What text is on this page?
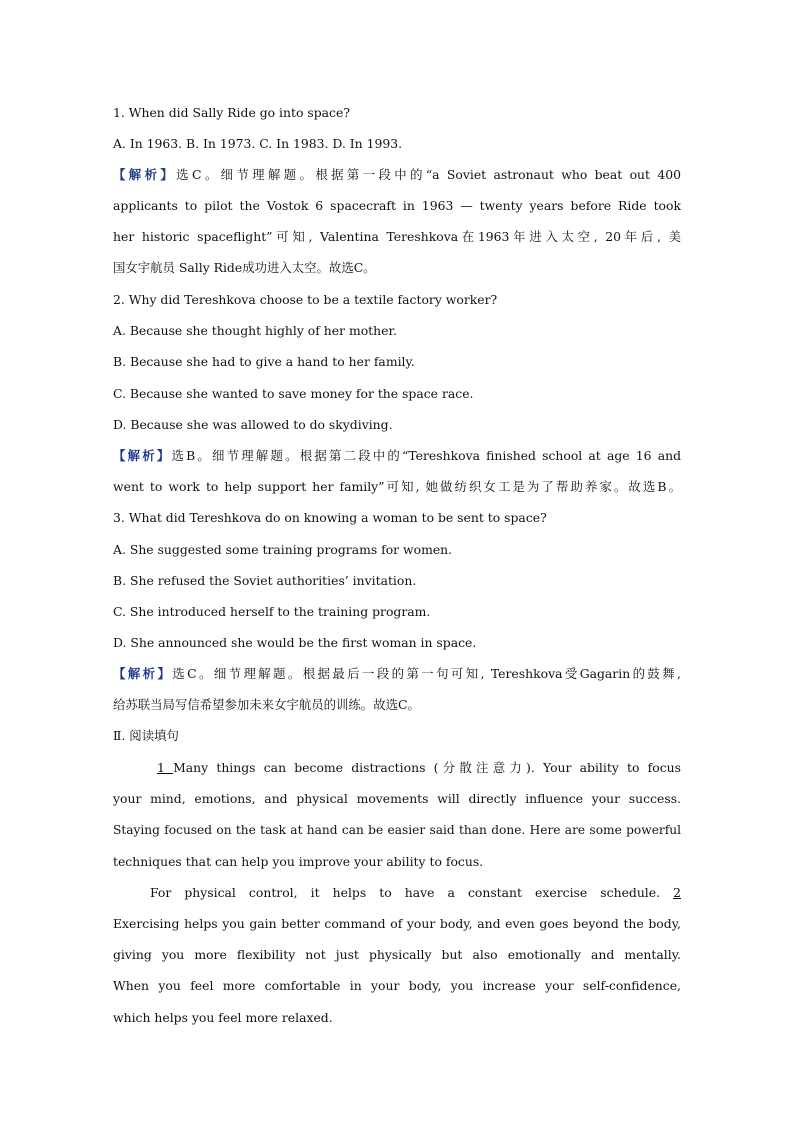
1. When did Sally Ride go into space?
A. In 1963. B. In 1973. C. In 1983. D. In 1993.
【解析】选C。细节理解题。根据第一段中的“a Soviet astronaut who beat out 400
applicants to pilot the Vostok 6 spacecraft in 1963 — twenty years before Ride took
her historic spaceflight”可知, Valentina Tereshkova在1963年进入太空, 20年后, 美
国女宇航员 Sally Ride成功进入太空。故选C。
2. Why did Tereshkova choose to be a textile factory worker?
A. Because she thought highly of her mother.
B. Because she had to give a hand to her family.
C. Because she wanted to save money for the space race.
D. Because she was allowed to do skydiving.
【解析】选B。细节理解题。根据第二段中的“Tereshkova finished school at age 16 and
went to work to help support her family”可知, 她做纺织女工是为了帮助养家。故选B。
3. What did Tereshkova do on knowing a woman to be sent to space?
A. She suggested some training programs for women.
B. She refused the Soviet authorities’ invitation.
C. She introduced herself to the training program.
D. She announced she would be the first woman in space.
【解析】选C。细节理解题。根据最后一段的第一句可知, Tereshkova受Gagarin的鼓舞,
给苏联当局写信希望参加未来女宇航员的训练。故选C。
Ⅱ. 阅读填句
1 Many things can become distractions (分散注意力). Your ability to focus
your mind, emotions, and physical movements will directly influence your success.
Staying focused on the task at hand can be easier said than done. Here are some powerful
techniques that can help you improve your ability to focus.
For physical control, it helps to have a constant exercise schedule. 2
Exercising helps you gain better command of your body, and even goes beyond the body,
giving you more flexibility not just physically but also emotionally and mentally.
When you feel more comfortable in your body, you increase your self-confidence,
which helps you feel more relaxed.
